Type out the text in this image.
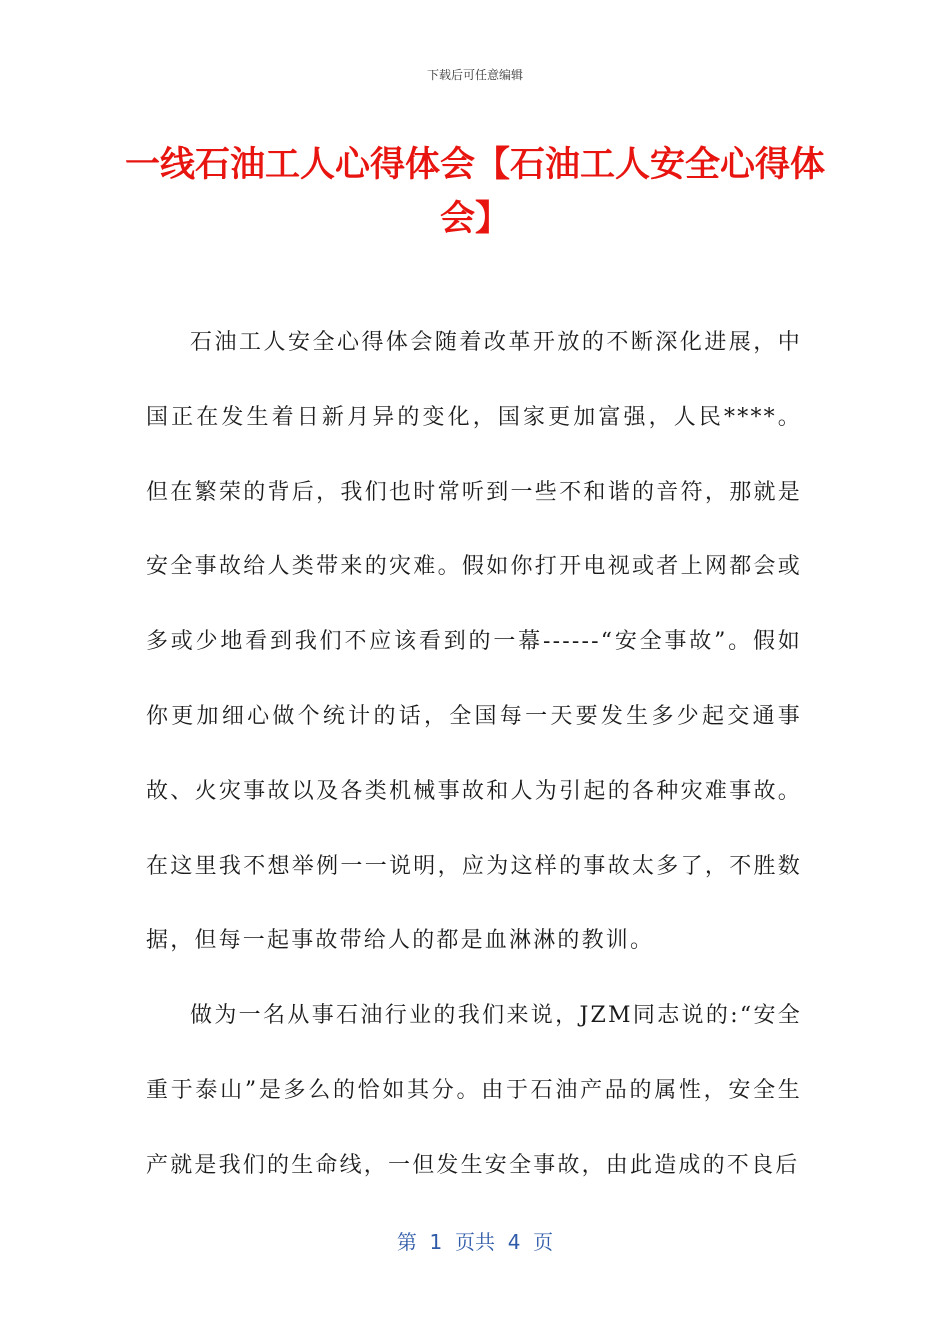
下载后可任意编辑
一线石油工人心得体会【石油工人安全心得体会】

石油工人安全心得体会随着改革开放的不断深化进展，中国正在发生着日新月异的变化，国家更加富强，人民****。但在繁荣的背后，我们也时常听到一些不和谐的音符，那就是安全事故给人类带来的灾难。假如你打开电视或者上网都会或多或少地看到我们不应该看到的一幕------“安全事故”。假如你更加细心做个统计的话，全国每一天要发生多少起交通事故、火灾事故以及各类机械事故和人为引起的各种灾难事故。在这里我不想举例一一说明，应为这样的事故太多了，不胜数据，但每一起事故带给人的都是血淋淋的教训。

做为一名从事石油行业的我们来说，JZM同志说的:“安全重于泰山”是多么的恰如其分。由于石油产品的属性，安全生产就是我们的生命线，一但发生安全事故，由此造成的不良后

第  1  页共  4  页
